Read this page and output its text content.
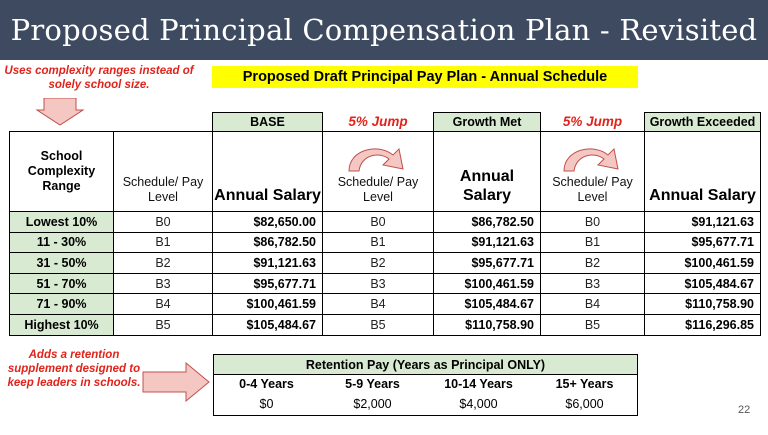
Proposed Principal Compensation Plan - Revisited
Uses complexity ranges instead of solely school size.
Proposed Draft Principal Pay Plan - Annual Schedule
		BASE	5% Jump	Growth Met	5% Jump	Growth Exceeded
School Complexity Range	Schedule/ Pay Level	Annual Salary	Schedule/ Pay Level	Annual Salary	Schedule/ Pay Level	Annual Salary

Lowest 10%	B0	$82,650.00	B0	$86,782.50	B0	$91,121.63
11 - 30%	B1	$86,782.50	B1	$91,121.63	B1	$95,677.71
31 - 50%	B2	$91,121.63	B2	$95,677.71	B2	$100,461.59
51 - 70%	B3	$95,677.71	B3	$100,461.59	B3	$105,484.67
71 - 90%	B4	$100,461.59	B4	$105,484.67	B4	$110,758.90
Highest 10%	B5	$105,484.67	B5	$110,758.90	B5	$116,296.85
Adds a retention supplement designed to keep leaders in schools.
Retention Pay (Years as Principal ONLY)			
0-4 Years	5-9 Years	10-14 Years	15+ Years
$0	$2,000	$4,000	$6,000	22
